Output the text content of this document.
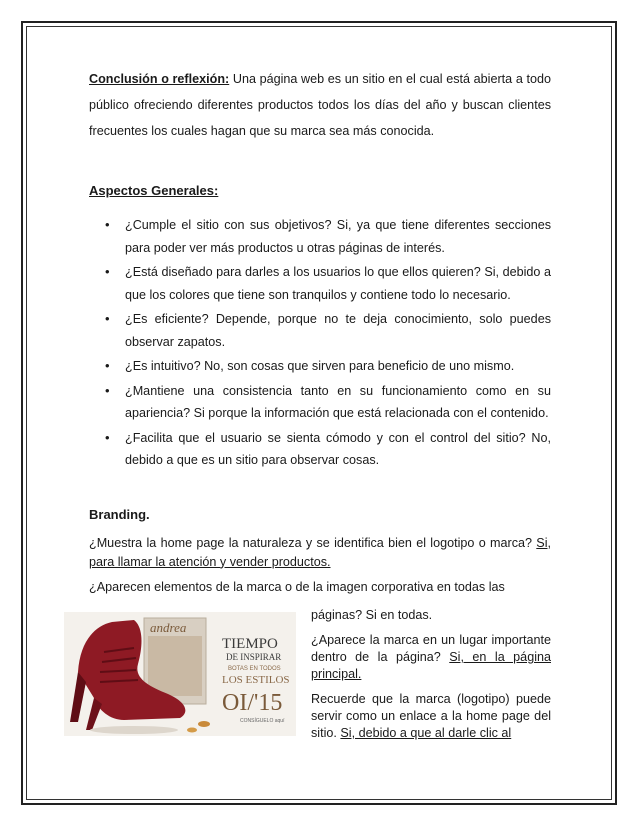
Conclusión o reflexión: Una página web es un sitio en el cual está abierta a todo público ofreciendo diferentes productos todos los días del año y buscan clientes frecuentes los cuales hagan que su marca sea más conocida.

Aspectos Generales:

• ¿Cumple el sitio con sus objetivos? Si, ya que tiene diferentes secciones para poder ver más productos u otras páginas de interés.
• ¿Está diseñado para darles a los usuarios lo que ellos quieren? Si, debido a que los colores que tiene son tranquilos y contiene todo lo necesario.
• ¿Es eficiente? Depende, porque no te deja conocimiento, solo puedes observar zapatos.
• ¿Es intuitivo? No, son cosas que sirven para beneficio de uno mismo.
• ¿Mantiene una consistencia tanto en su funcionamiento como en su apariencia? Si porque la información que está relacionada con el contenido.
• ¿Facilita que el usuario se sienta cómodo y con el control del sitio? No, debido a que es un sitio para observar cosas.

Branding.

¿Muestra la home page la naturaleza y se identifica bien el logotipo o marca? Si, para llamar la atención y vender productos.

¿Aparecen elementos de la marca o de la imagen corporativa en todas las

andrea
TIEMPO
DE INSPIRAR
BOTAS EN TODOS
LOS ESTILOS
OI/'15
CONSÍGUELO aquí

páginas? Si en todas.

¿Aparece la marca en un lugar importante dentro de la página? Si, en la página principal.

Recuerde que la marca (logotipo) puede servir como un enlace a la home page del sitio. Si, debido a que al darle clic al
